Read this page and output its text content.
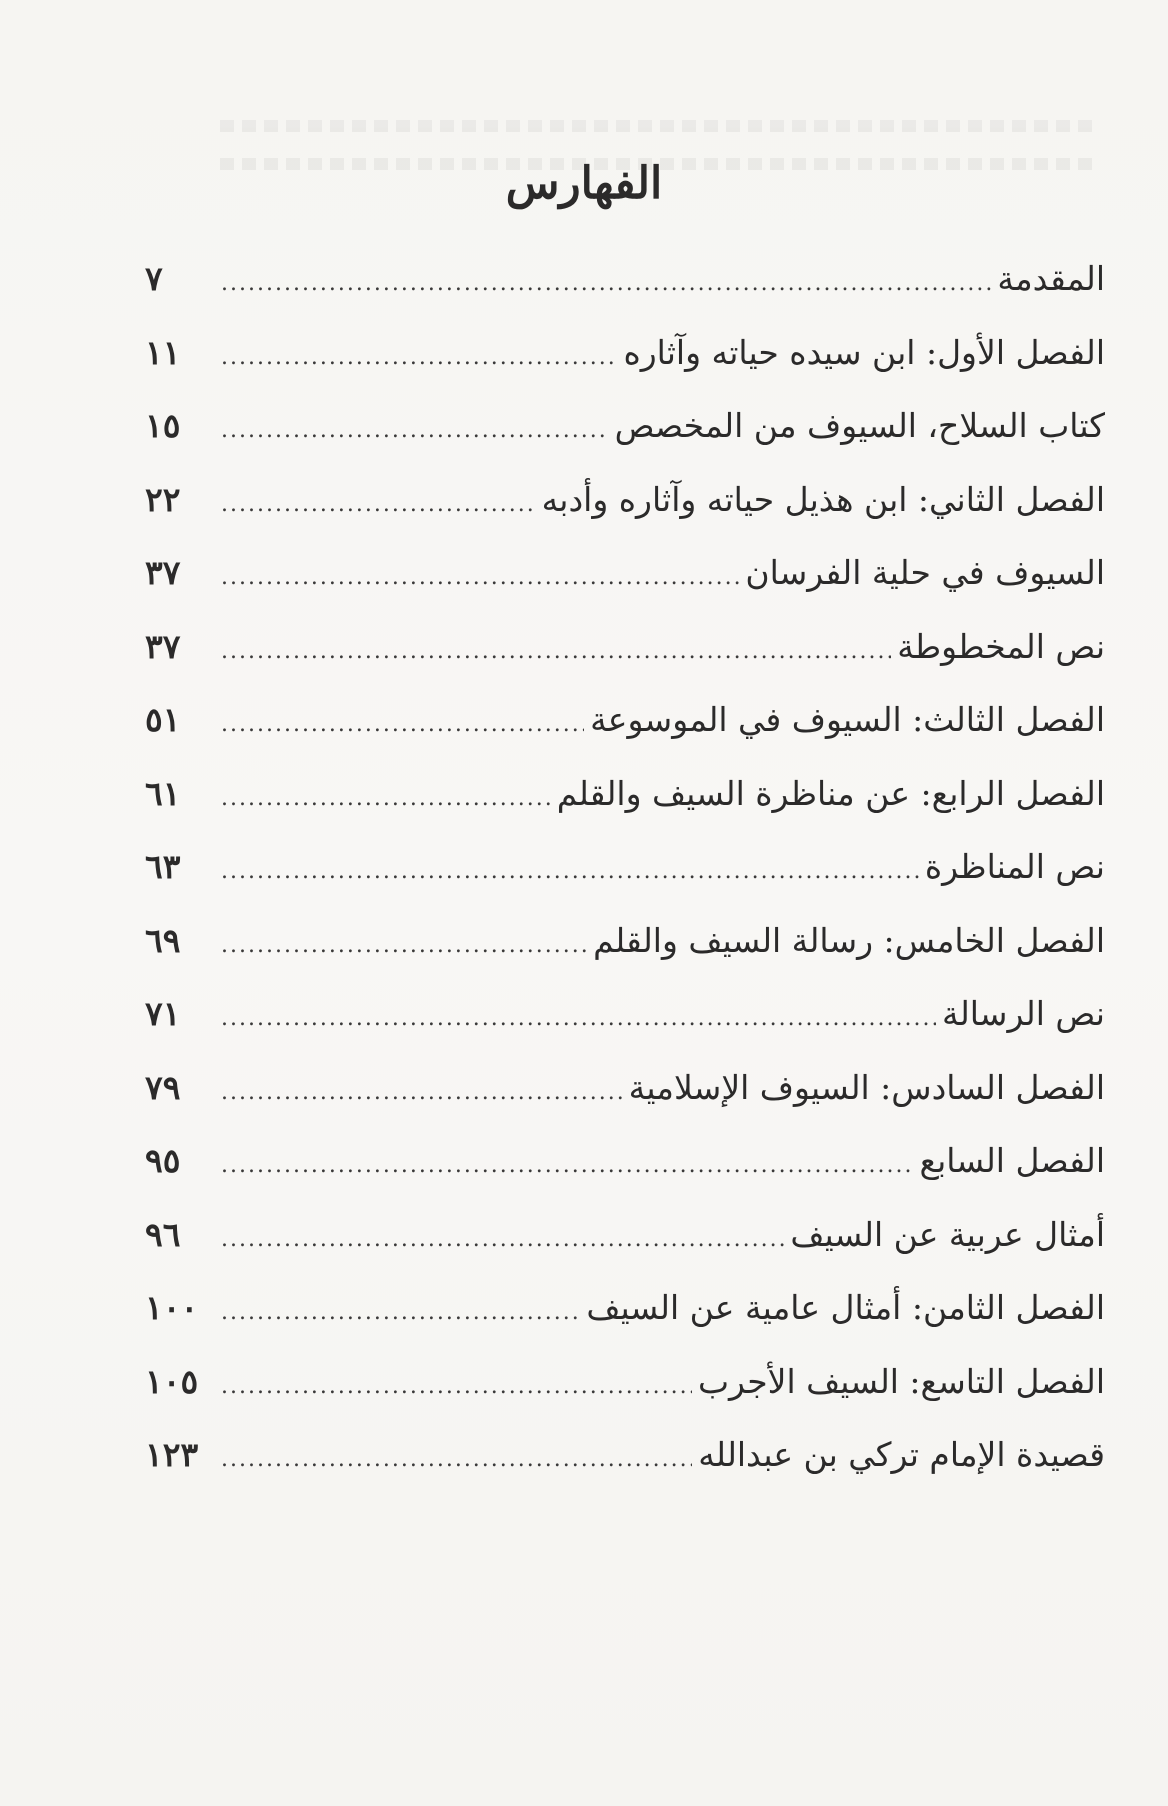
الفهارس
المقدمة
.....
٧
الفصل الأول: ابن سيده حياته وآثاره
.....
١١
كتاب السلاح، السيوف من المخصص
.....
١٥
الفصل الثاني: ابن هذيل حياته وآثاره وأدبه
.....
٢٢
السيوف في حلية الفرسان
.....
٣٧
نص المخطوطة
.....
٣٧
الفصل الثالث: السيوف في الموسوعة
.....
٥١
الفصل الرابع: عن مناظرة السيف والقلم
.....
٦١
نص المناظرة
.....
٦٣
الفصل الخامس: رسالة السيف والقلم
.....
٦٩
نص الرسالة
.....
٧١
الفصل السادس: السيوف الإسلامية
.....
٧٩
الفصل السابع
.....
٩٥
أمثال عربية عن السيف
.....
٩٦
الفصل الثامن: أمثال عامية عن السيف
.....
١٠٠
الفصل التاسع: السيف الأجرب
.....
١٠٥
قصيدة الإمام تركي بن عبدالله
.....
١٢٣
